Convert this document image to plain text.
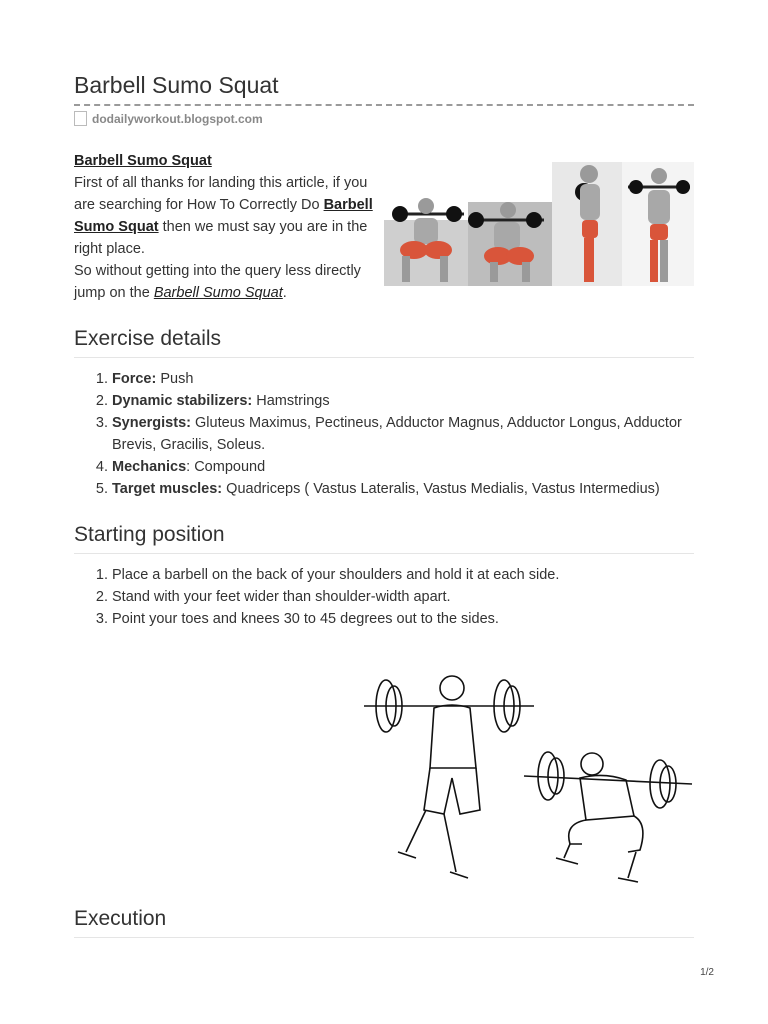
Barbell Sumo Squat
dodailyworkout.blogspot.com

Barbell Sumo Squat

First of all thanks for landing this article, if you are searching for How To Correctly Do Barbell Sumo Squat then we must say you are in the right place.

So without getting into the query less directly jump on the Barbell Sumo Squat.

Exercise details
1. Force: Push
2. Dynamic stabilizers: Hamstrings
3. Synergists: Gluteus Maximus, Pectineus, Adductor Magnus, Adductor Longus, Adductor Brevis, Gracilis, Soleus.
4. Mechanics: Compound
5. Target muscles: Quadriceps ( Vastus Lateralis, Vastus Medialis, Vastus Intermedius)
Starting position
1. Place a barbell on the back of your shoulders and hold it at each side.
2. Stand with your feet wider than shoulder-width apart.
3. Point your toes and knees 30 to 45 degrees out to the sides.
Execution
1/2
